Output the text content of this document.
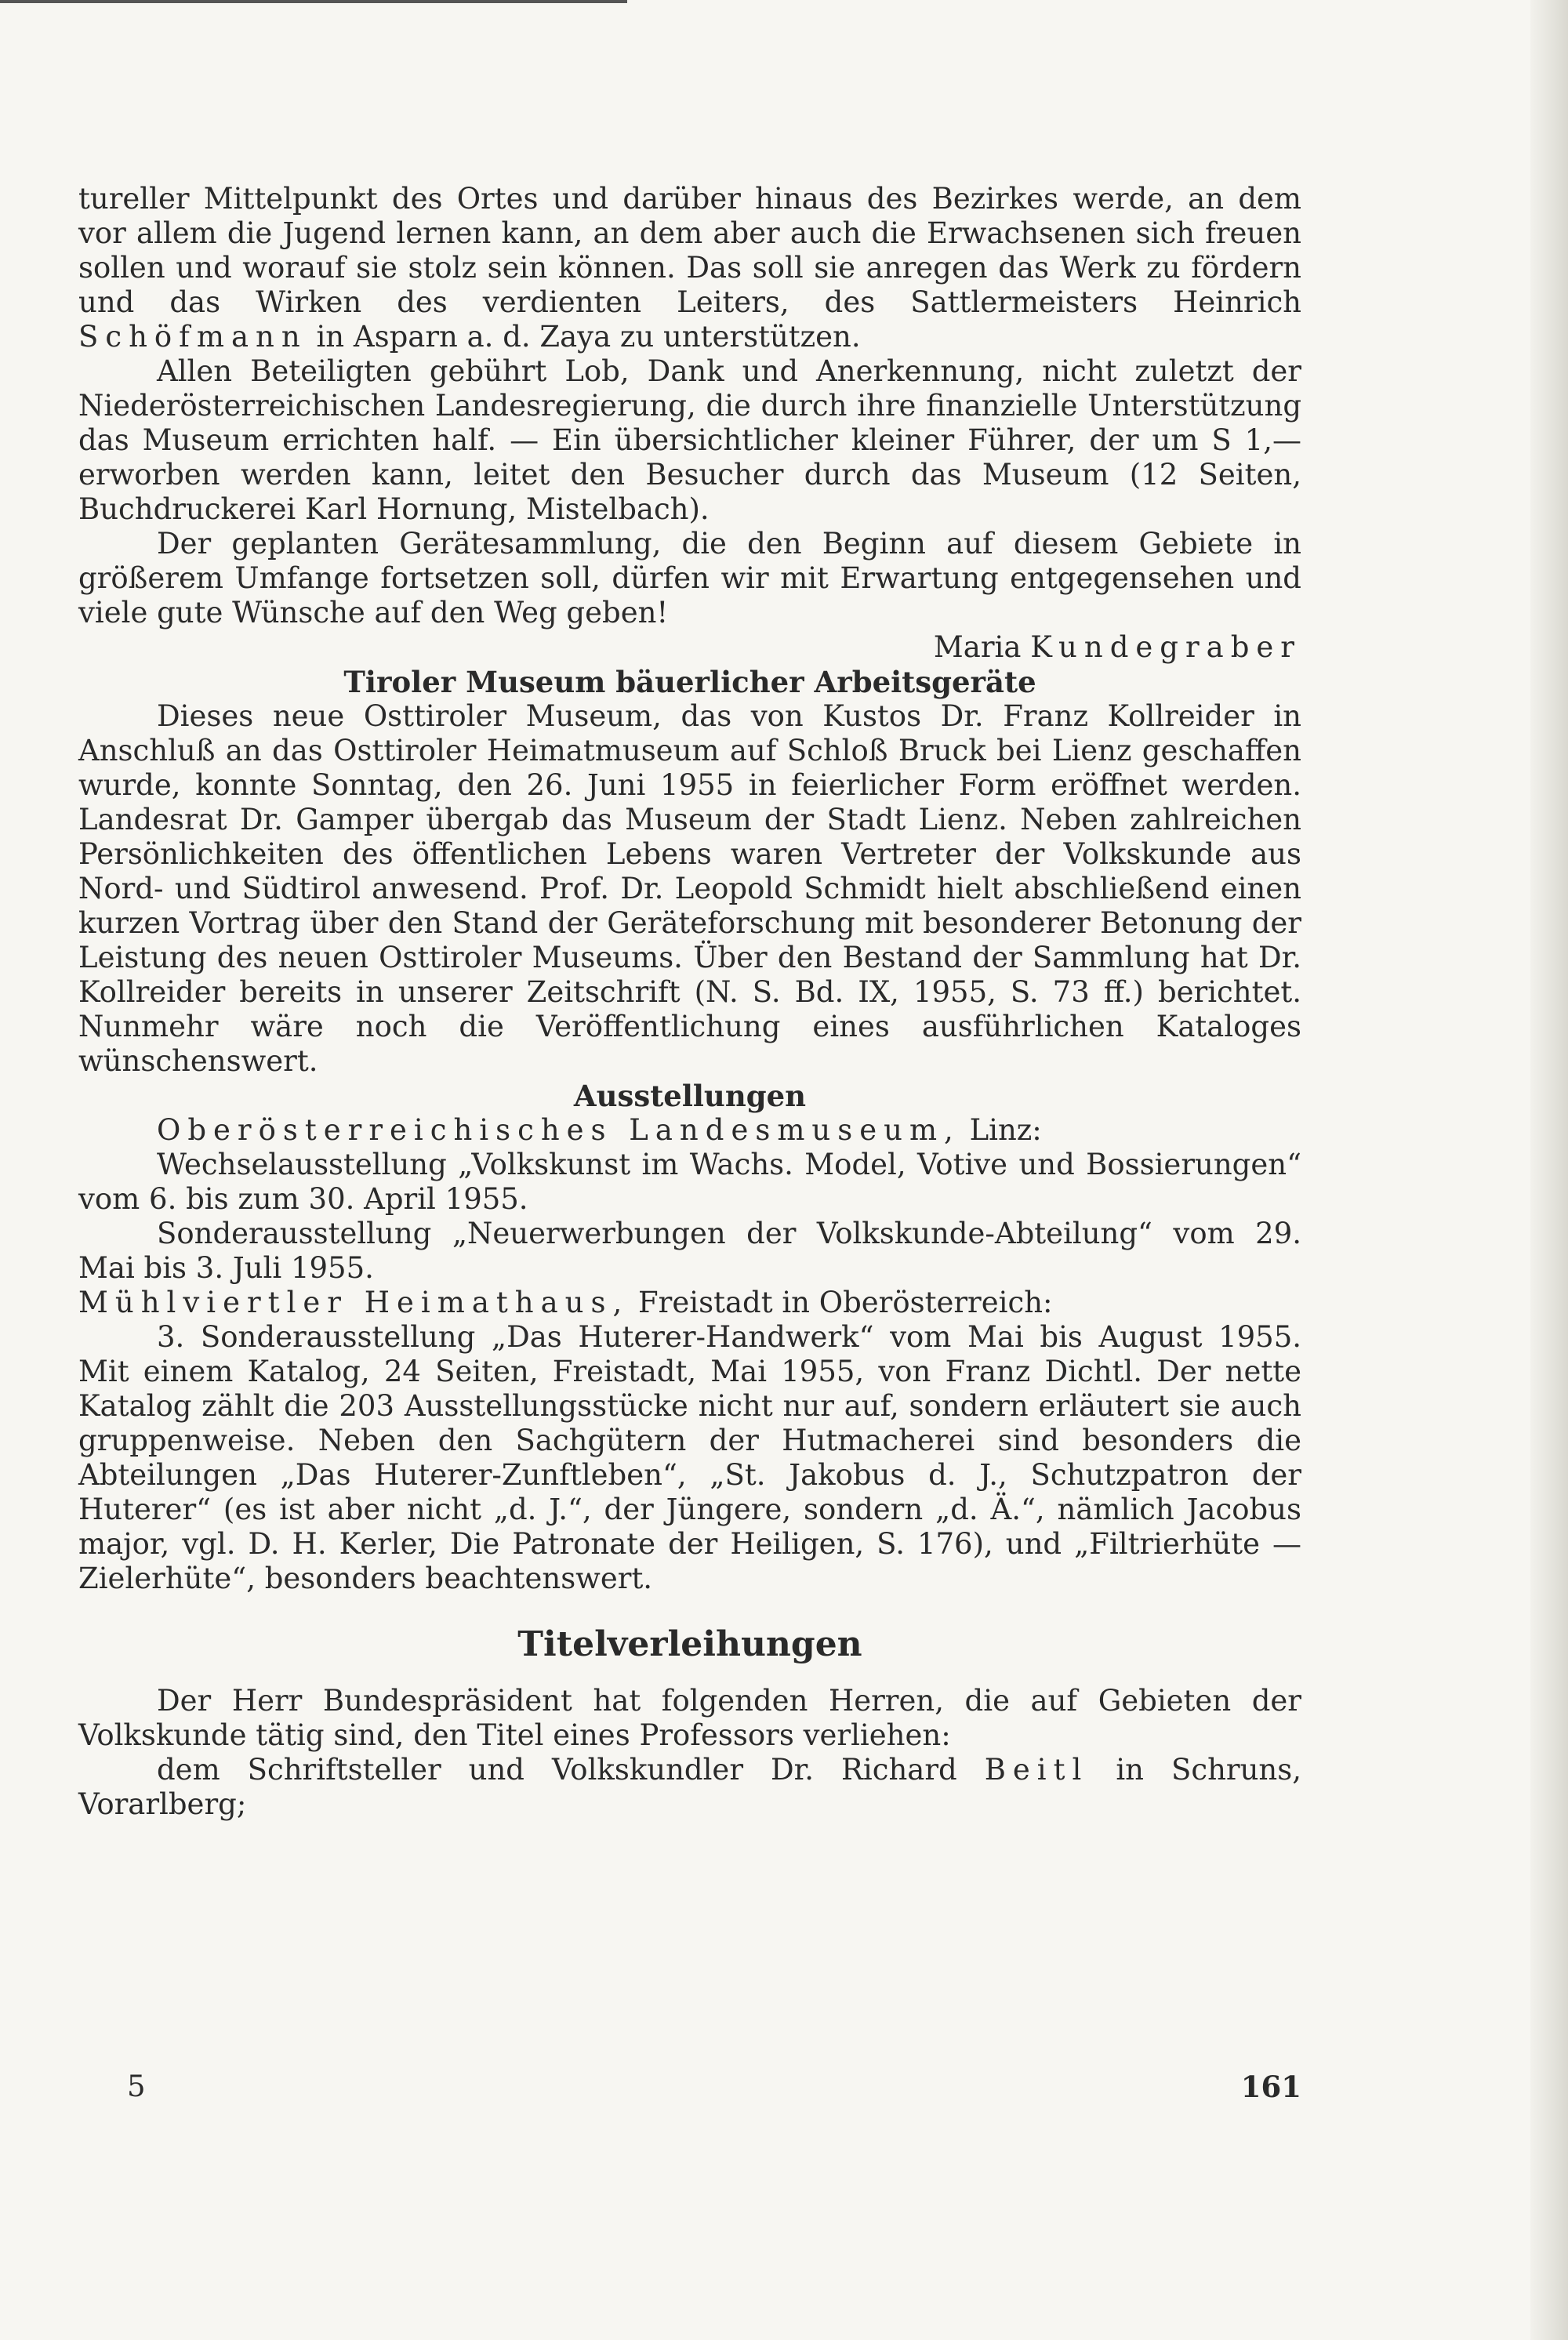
tureller Mittelpunkt des Ortes und darüber hinaus des Bezirkes werde, an dem vor allem die Jugend lernen kann, an dem aber auch die Erwachsenen sich freuen sollen und worauf sie stolz sein können. Das soll sie anregen das Werk zu fördern und das Wirken des verdienten Leiters, des Sattlermeisters Heinrich Schöfmann in Asparn a. d. Zaya zu unterstützen.

Allen Beteiligten gebührt Lob, Dank und Anerkennung, nicht zuletzt der Niederösterreichischen Landesregierung, die durch ihre finanzielle Unterstützung das Museum errichten half. — Ein übersichtlicher kleiner Führer, der um S 1,— erworben werden kann, leitet den Besucher durch das Museum (12 Seiten, Buchdruckerei Karl Hornung, Mistelbach).

Der geplanten Gerätesammlung, die den Beginn auf diesem Gebiete in größerem Umfange fortsetzen soll, dürfen wir mit Erwartung entgegensehen und viele gute Wünsche auf den Weg geben!

Maria Kundegraber

Tiroler Museum bäuerlicher Arbeitsgeräte

Dieses neue Osttiroler Museum, das von Kustos Dr. Franz Kollreider in Anschluß an das Osttiroler Heimatmuseum auf Schloß Bruck bei Lienz geschaffen wurde, konnte Sonntag, den 26. Juni 1955 in feierlicher Form eröffnet werden. Landesrat Dr. Gamper übergab das Museum der Stadt Lienz. Neben zahlreichen Persönlichkeiten des öffentlichen Lebens waren Vertreter der Volkskunde aus Nord- und Südtirol anwesend. Prof. Dr. Leopold Schmidt hielt abschließend einen kurzen Vortrag über den Stand der Geräteforschung mit besonderer Betonung der Leistung des neuen Osttiroler Museums. Über den Bestand der Sammlung hat Dr. Kollreider bereits in unserer Zeitschrift (N. S. Bd. IX, 1955, S. 73 ff.) berichtet. Nunmehr wäre noch die Veröffentlichung eines ausführlichen Kataloges wünschenswert.

Ausstellungen

Oberösterreichisches Landesmuseum, Linz:

Wechselausstellung „Volkskunst im Wachs. Model, Votive und Bossierungen“ vom 6. bis zum 30. April 1955.

Sonderausstellung „Neuerwerbungen der Volkskunde-Abteilung“ vom 29. Mai bis 3. Juli 1955.

Mühlviertler Heimathaus, Freistadt in Oberösterreich:

3. Sonderausstellung „Das Huterer-Handwerk“ vom Mai bis August 1955. Mit einem Katalog, 24 Seiten, Freistadt, Mai 1955, von Franz Dichtl. Der nette Katalog zählt die 203 Ausstellungsstücke nicht nur auf, sondern erläutert sie auch gruppenweise. Neben den Sachgütern der Hutmacherei sind besonders die Abteilungen „Das Huterer-Zunftleben“, „St. Jakobus d. J., Schutzpatron der Huterer“ (es ist aber nicht „d. J.“, der Jüngere, sondern „d. Ä.“, nämlich Jacobus major, vgl. D. H. Kerler, Die Patronate der Heiligen, S. 176), und „Filtrierhüte — Zielerhüte“, besonders beachtenswert.

Titelverleihungen

Der Herr Bundespräsident hat folgenden Herren, die auf Gebieten der Volkskunde tätig sind, den Titel eines Professors verliehen:

dem Schriftsteller und Volkskundler Dr. Richard Beitl in Schruns, Vorarlberg;

5	161
